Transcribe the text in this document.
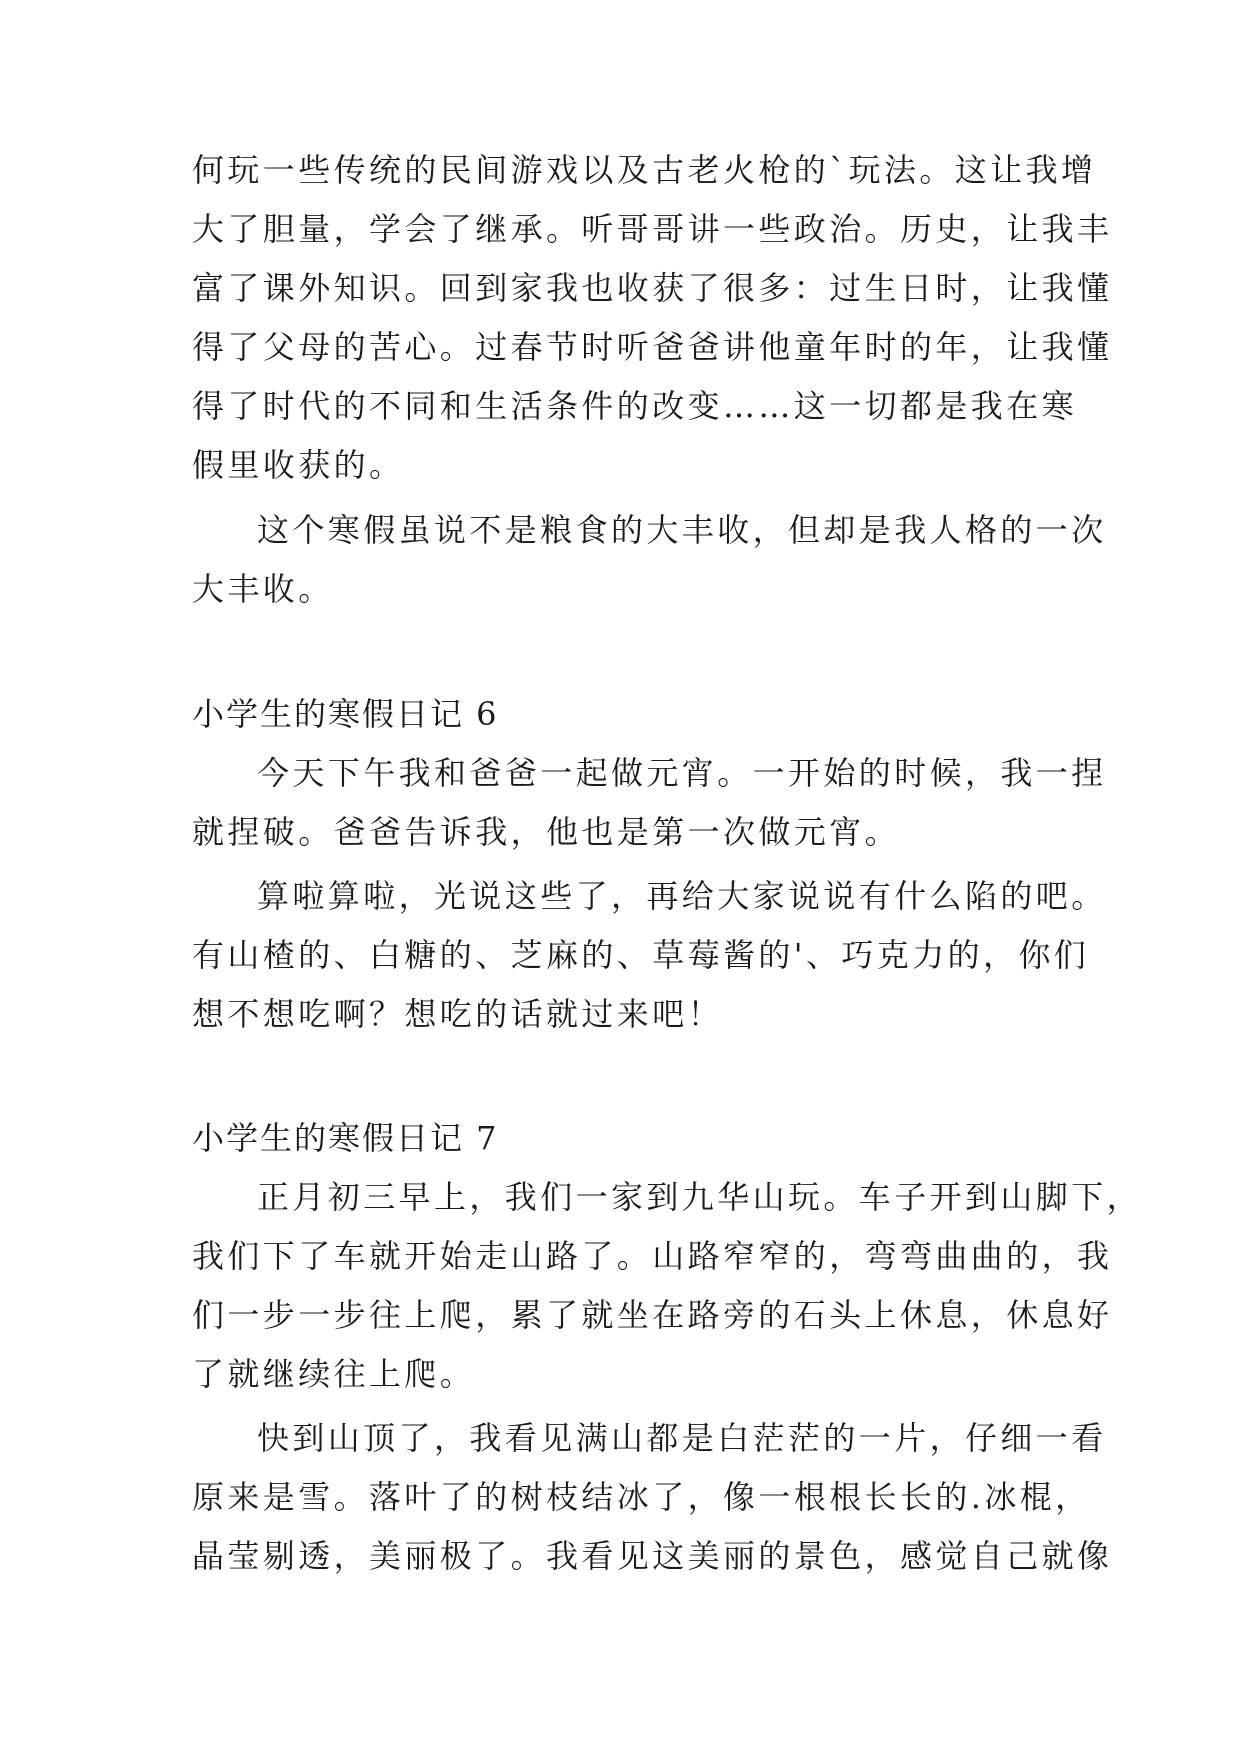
何玩一些传统的民间游戏以及古老火枪的`玩法。这让我增
大了胆量，学会了继承。听哥哥讲一些政治。历史，让我丰
富了课外知识。回到家我也收获了很多：过生日时，让我懂
得了父母的苦心。过春节时听爸爸讲他童年时的年，让我懂
得了时代的不同和生活条件的改变……这一切都是我在寒
假里收获的。
这个寒假虽说不是粮食的大丰收，但却是我人格的一次
大丰收。
小学生的寒假日记 6
今天下午我和爸爸一起做元宵。一开始的时候，我一捏
就捏破。爸爸告诉我，他也是第一次做元宵。
算啦算啦，光说这些了，再给大家说说有什么陷的吧。
有山楂的、白糖的、芝麻的、草莓酱的'、巧克力的，你们
想不想吃啊？想吃的话就过来吧！
小学生的寒假日记 7
正月初三早上，我们一家到九华山玩。车子开到山脚下，
我们下了车就开始走山路了。山路窄窄的，弯弯曲曲的，我
们一步一步往上爬，累了就坐在路旁的石头上休息，休息好
了就继续往上爬。
快到山顶了，我看见满山都是白茫茫的一片，仔细一看
原来是雪。落叶了的树枝结冰了，像一根根长长的.冰棍，
晶莹剔透，美丽极了。我看见这美丽的景色，感觉自己就像
